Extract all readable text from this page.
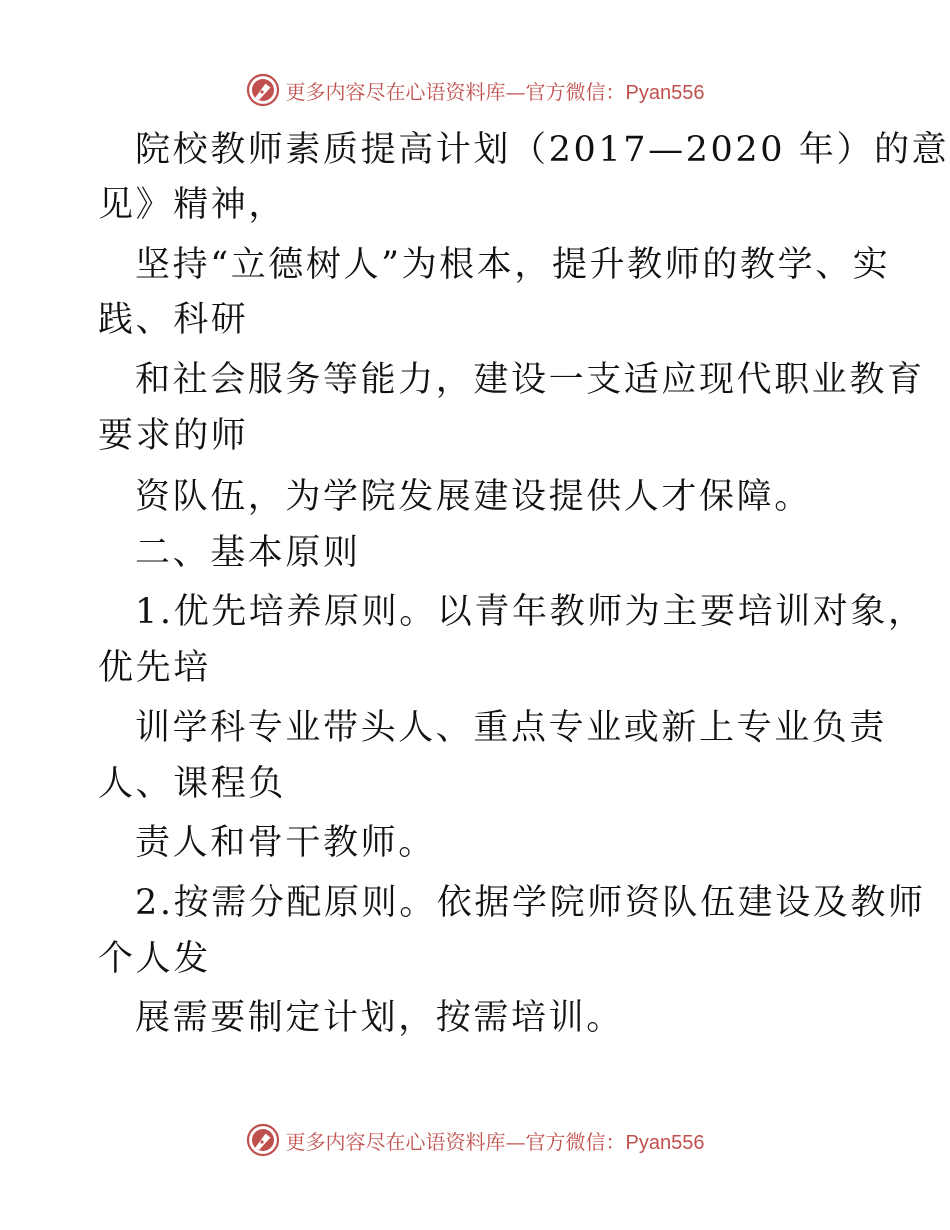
更多内容尽在心语资料库—官方微信：Pyan556
院校教师素质提高计划（2017—2020 年）的意
见》精神，
坚持“立德树人”为根本，提升教师的教学、实
践、科研
和社会服务等能力，建设一支适应现代职业教育
要求的师
资队伍，为学院发展建设提供人才保障。
二、基本原则
1.优先培养原则。以青年教师为主要培训对象，
优先培
训学科专业带头人、重点专业或新上专业负责
人、课程负
责人和骨干教师。
2.按需分配原则。依据学院师资队伍建设及教师
个人发
展需要制定计划，按需培训。
更多内容尽在心语资料库—官方微信：Pyan556
